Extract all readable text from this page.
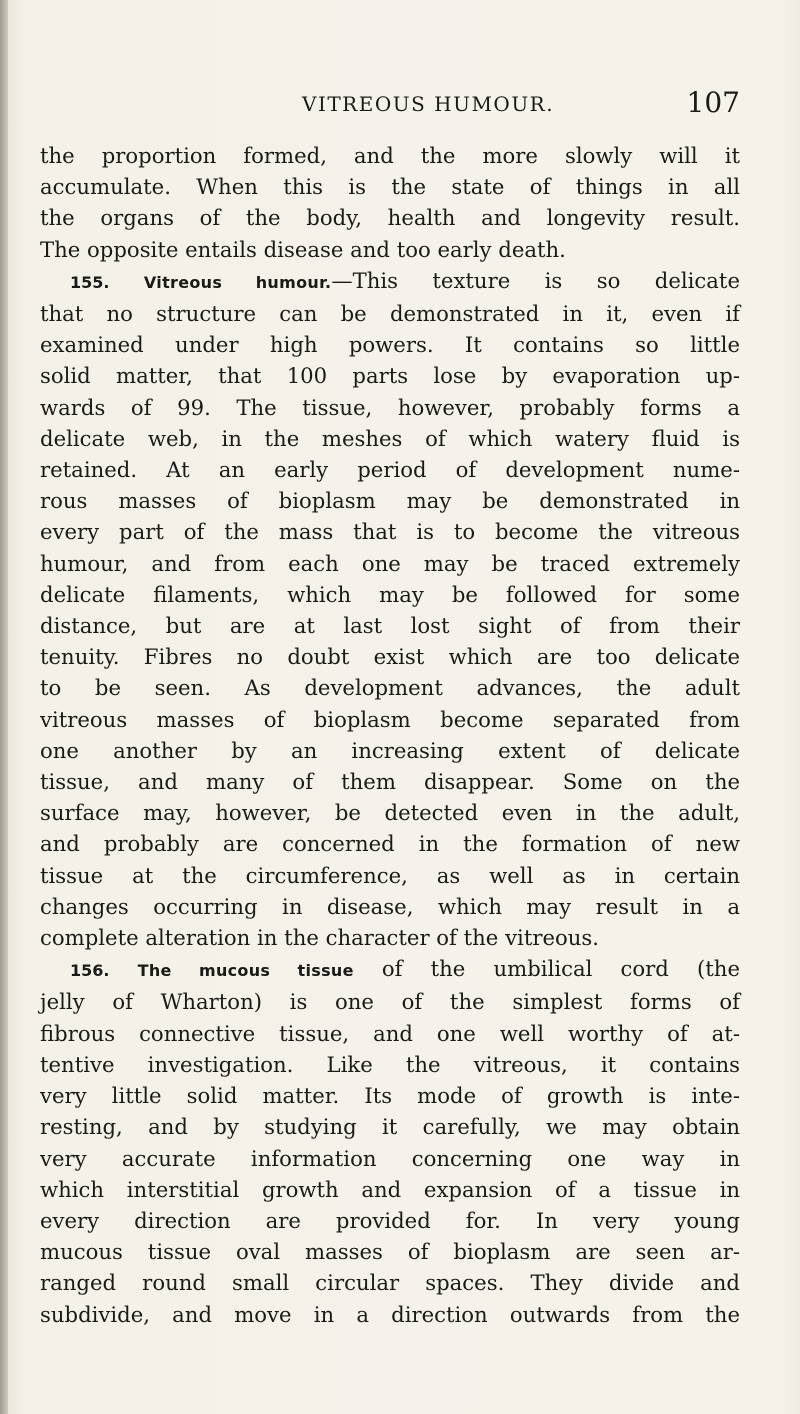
VITREOUS HUMOUR.	107
the proportion formed, and the more slowly will it
accumulate. When this is the state of things in all
the organs of the body, health and longevity result.
The opposite entails disease and too early death.
155. Vitreous humour.—This texture is so delicate
that no structure can be demonstrated in it, even if
examined under high powers. It contains so little
solid matter, that 100 parts lose by evaporation up-
wards of 99. The tissue, however, probably forms a
delicate web, in the meshes of which watery fluid is
retained. At an early period of development nume-
rous masses of bioplasm may be demonstrated in
every part of the mass that is to become the vitreous
humour, and from each one may be traced extremely
delicate filaments, which may be followed for some
distance, but are at last lost sight of from their
tenuity. Fibres no doubt exist which are too delicate
to be seen. As development advances, the adult
vitreous masses of bioplasm become separated from
one another by an increasing extent of delicate
tissue, and many of them disappear. Some on the
surface may, however, be detected even in the adult,
and probably are concerned in the formation of new
tissue at the circumference, as well as in certain
changes occurring in disease, which may result in a
complete alteration in the character of the vitreous.
156. The mucous tissue of the umbilical cord (the
jelly of Wharton) is one of the simplest forms of
fibrous connective tissue, and one well worthy of at-
tentive investigation. Like the vitreous, it contains
very little solid matter. Its mode of growth is inte-
resting, and by studying it carefully, we may obtain
very accurate information concerning one way in
which interstitial growth and expansion of a tissue in
every direction are provided for. In very young
mucous tissue oval masses of bioplasm are seen ar-
ranged round small circular spaces. They divide and
subdivide, and move in a direction outwards from the
